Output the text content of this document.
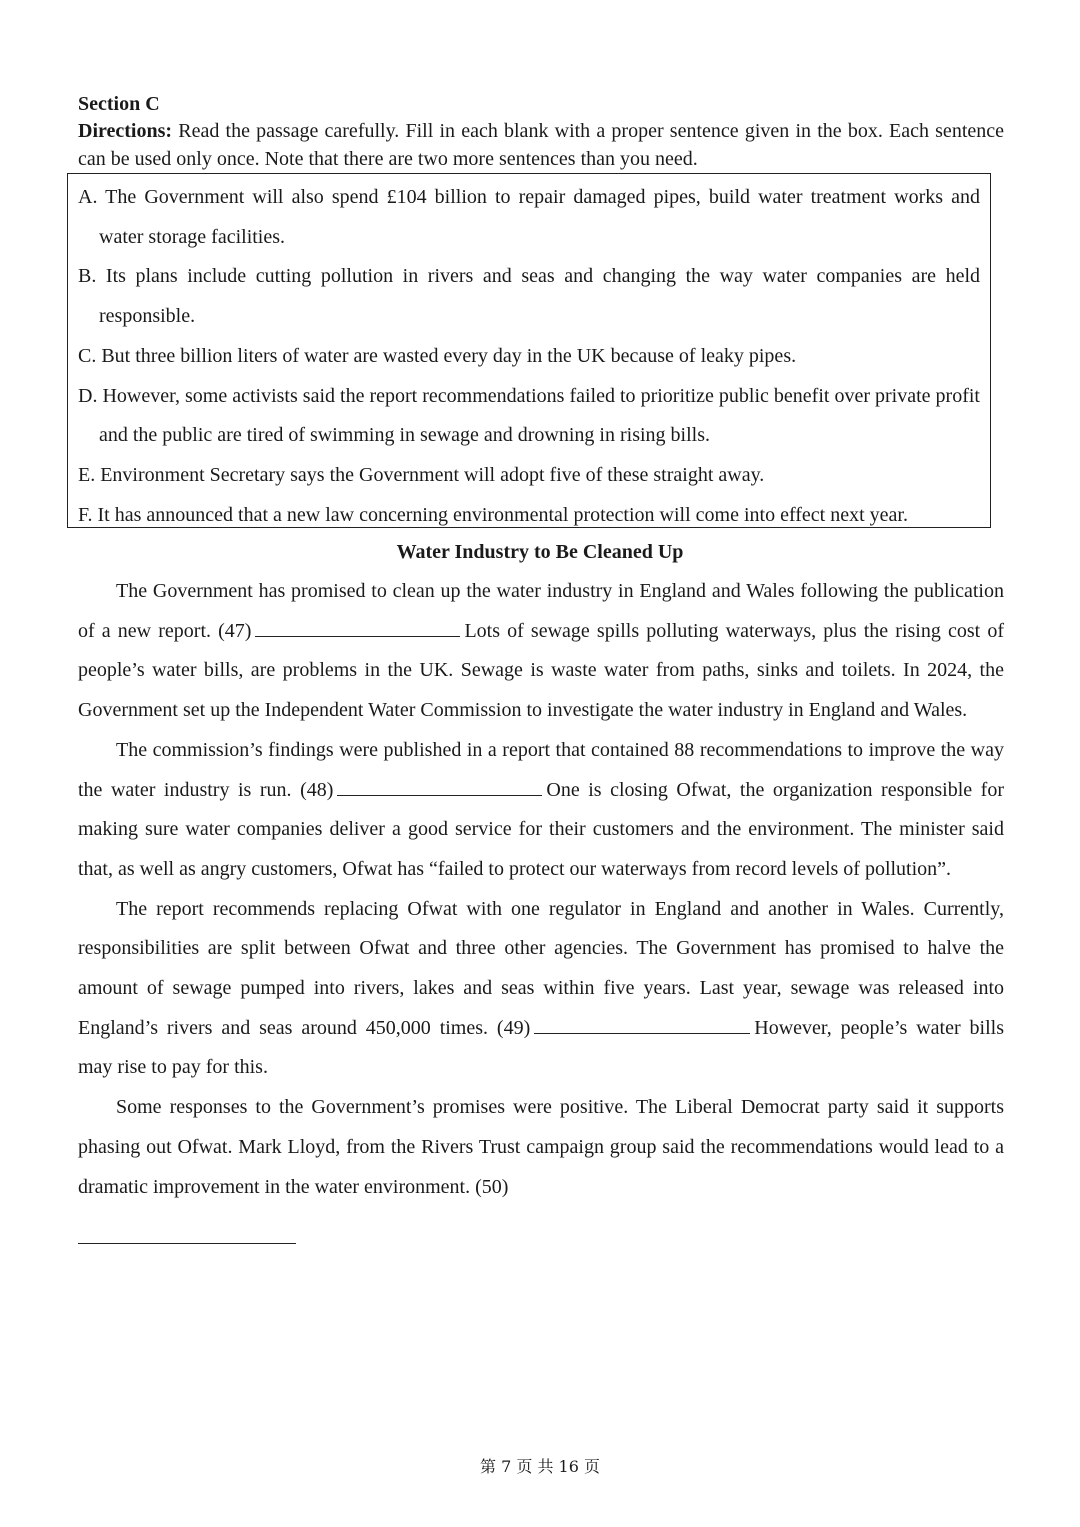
Section C
Directions: Read the passage carefully. Fill in each blank with a proper sentence given in the box. Each sentence can be used only once. Note that there are two more sentences than you need.
A. The Government will also spend £104 billion to repair damaged pipes, build water treatment works and water storage facilities.
B. Its plans include cutting pollution in rivers and seas and changing the way water companies are held responsible.
C. But three billion liters of water are wasted every day in the UK because of leaky pipes.
D. However, some activists said the report recommendations failed to prioritize public benefit over private profit and the public are tired of swimming in sewage and drowning in rising bills.
E. Environment Secretary says the Government will adopt five of these straight away.
F. It has announced that a new law concerning environmental protection will come into effect next year.
Water Industry to Be Cleaned Up

The Government has promised to clean up the water industry in England and Wales following the publication of a new report. (47)	Lots of sewage spills polluting waterways, plus the rising cost of people’s water bills, are problems in the UK. Sewage is waste water from paths, sinks and toilets. In 2024, the Government set up the Independent Water Commission to investigate the water industry in England and Wales.

The commission’s findings were published in a report that contained 88 recommendations to improve the way the water industry is run. (48)	One is closing Ofwat, the organization responsible for making sure water companies deliver a good service for their customers and the environment. The minister said that, as well as angry customers, Ofwat has “failed to protect our waterways from record levels of pollution”.

The report recommends replacing Ofwat with one regulator in England and another in Wales. Currently, responsibilities are split between Ofwat and three other agencies. The Government has promised to halve the amount of sewage pumped into rivers, lakes and seas within five years. Last year, sewage was released into England’s rivers and seas around 450,000 times. (49)	However, people’s water bills may rise to pay for this.

Some responses to the Government’s promises were positive. The Liberal Democrat party said it supports phasing out Ofwat. Mark Lloyd, from the Rivers Trust campaign group said the recommendations would lead to a dramatic improvement in the water environment. (50)

第 7 页 共 16 页
